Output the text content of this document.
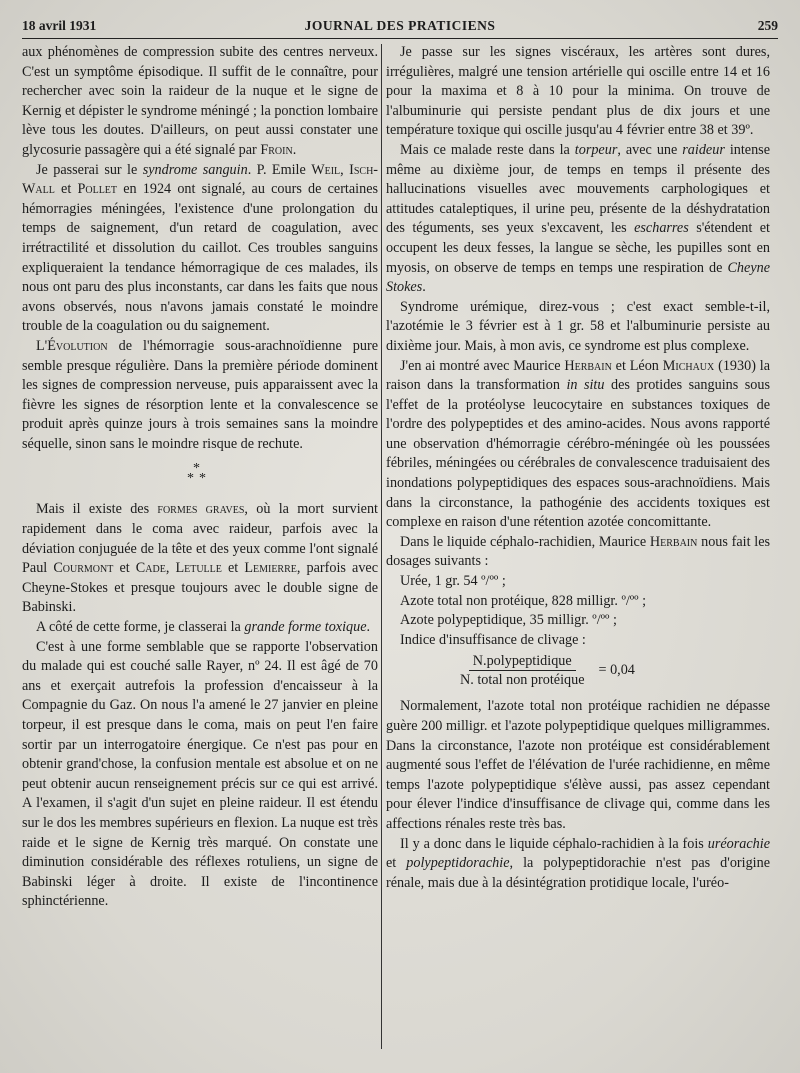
18 avril 1931	JOURNAL DES PRATICIENS	259

aux phénomènes de compression subite des centres nerveux. C'est un symptôme épisodique. Il suffit de le connaître, pour rechercher avec soin la raideur de la nuque et le signe de Kernig et dépister le syndrome méningé ; la ponction lombaire lève tous les doutes. D'ailleurs, on peut aussi constater une glycosurie passagère qui a été signalé par Froin.

Je passerai sur le syndrome sanguin. P. Emile Weil, Isch-Wall et Pollet en 1924 ont signalé, au cours de certaines hémorragies méningées, l'existence d'une prolongation du temps de saignement, d'un retard de coagulation, avec irrétractilité et dissolution du caillot. Ces troubles sanguins expliqueraient la tendance hémorragique de ces malades, ils nous ont paru des plus inconstants, car dans les faits que nous avons observés, nous n'avons jamais constaté le moindre trouble de la coagulation ou du saignement.

L'Évolution de l'hémorragie sous-arachnoïdienne pure semble presque régulière. Dans la première période dominent les signes de compression nerveuse, puis apparaissent avec la fièvre les signes de résorption lente et la convalescence se produit après quinze jours à trois semaines sans la moindre séquelle, sinon sans le moindre risque de rechute.

*
* *

Mais il existe des formes graves, où la mort survient rapidement dans le coma avec raideur, parfois avec la déviation conjuguée de la tête et des yeux comme l'ont signalé Paul Courmont et Cade, Letulle et Lemierre, parfois avec Cheyne-Stokes et presque toujours avec le double signe de Babinski.

A côté de cette forme, je classerai la grande forme toxique.

C'est à une forme semblable que se rapporte l'observation du malade qui est couché salle Rayer, nº 24. Il est âgé de 70 ans et exerçait autrefois la profession d'encaisseur à la Compagnie du Gaz. On nous l'a amené le 27 janvier en pleine torpeur, il est presque dans le coma, mais on peut l'en faire sortir par un interrogatoire énergique. Ce n'est pas pour en obtenir grand'chose, la confusion mentale est absolue et on ne peut obtenir aucun renseignement précis sur ce qui est arrivé. A l'examen, il s'agit d'un sujet en pleine raideur. Il est étendu sur le dos les membres supérieurs en flexion. La nuque est très raide et le signe de Kernig très marqué. On constate une diminution considérable des réflexes rotuliens, un signe de Babinski léger à droite. Il existe de l'incontinence sphinctérienne.

Je passe sur les signes viscéraux, les artères sont dures, irrégulières, malgré une tension artérielle qui oscille entre 14 et 16 pour la maxima et 8 à 10 pour la minima. On trouve de l'albuminurie qui persiste pendant plus de dix jours et une température toxique qui oscille jusqu'au 4 février entre 38 et 39º.

Mais ce malade reste dans la torpeur, avec une raideur intense même au dixième jour, de temps en temps il présente des hallucinations visuelles avec mouvements carphologiques et attitudes cataleptiques, il urine peu, présente de la déshydratation des téguments, ses yeux s'excavent, les escharres s'étendent et occupent les deux fesses, la langue se sèche, les pupilles sont en myosis, on observe de temps en temps une respiration de Cheyne Stokes.

Syndrome urémique, direz-vous ; c'est exact semble-t-il, l'azotémie le 3 février est à 1 gr. 58 et l'albuminurie persiste au dixième jour. Mais, à mon avis, ce syndrome est plus complexe.

J'en ai montré avec Maurice Herbain et Léon Michaux (1930) la raison dans la transformation in situ des protides sanguins sous l'effet de la protéolyse leucocytaire en substances toxiques de l'ordre des polypeptides et des amino-acides. Nous avons rapporté une observation d'hémorragie cérébro-méningée où les poussées fébriles, méningées ou cérébrales de convalescence traduisaient des inondations polypeptidiques des espaces sous-arachnoïdiens. Mais dans la circonstance, la pathogénie des accidents toxiques est complexe en raison d'une rétention azotée concomittante.

Dans le liquide céphalo-rachidien, Maurice Herbain nous fait les dosages suivants :

Urée, 1 gr. 54 º/ºº ;
Azote total non protéique, 828 milligr. º/ºº ;
Azote polypeptidique, 35 milligr. º/ºº ;
Indice d'insuffisance de clivage :
$\frac{\text{N.polypeptidique}}{\text{N. total non protéique}} = 0,04$

Normalement, l'azote total non protéique rachidien ne dépasse guère 200 milligr. et l'azote polypeptidique quelques milligrammes. Dans la circonstance, l'azote non protéique est considérablement augmenté sous l'effet de l'élévation de l'urée rachidienne, en même temps l'azote polypeptidique s'élève aussi, pas assez cependant pour élever l'indice d'insuffisance de clivage qui, comme dans les affections rénales reste très bas.

Il y a donc dans le liquide céphalo-rachidien à la fois uréorachie et polypeptidorachie, la polypeptidorachie n'est pas d'origine rénale, mais due à la désintégration protidique locale, l'uréo-
